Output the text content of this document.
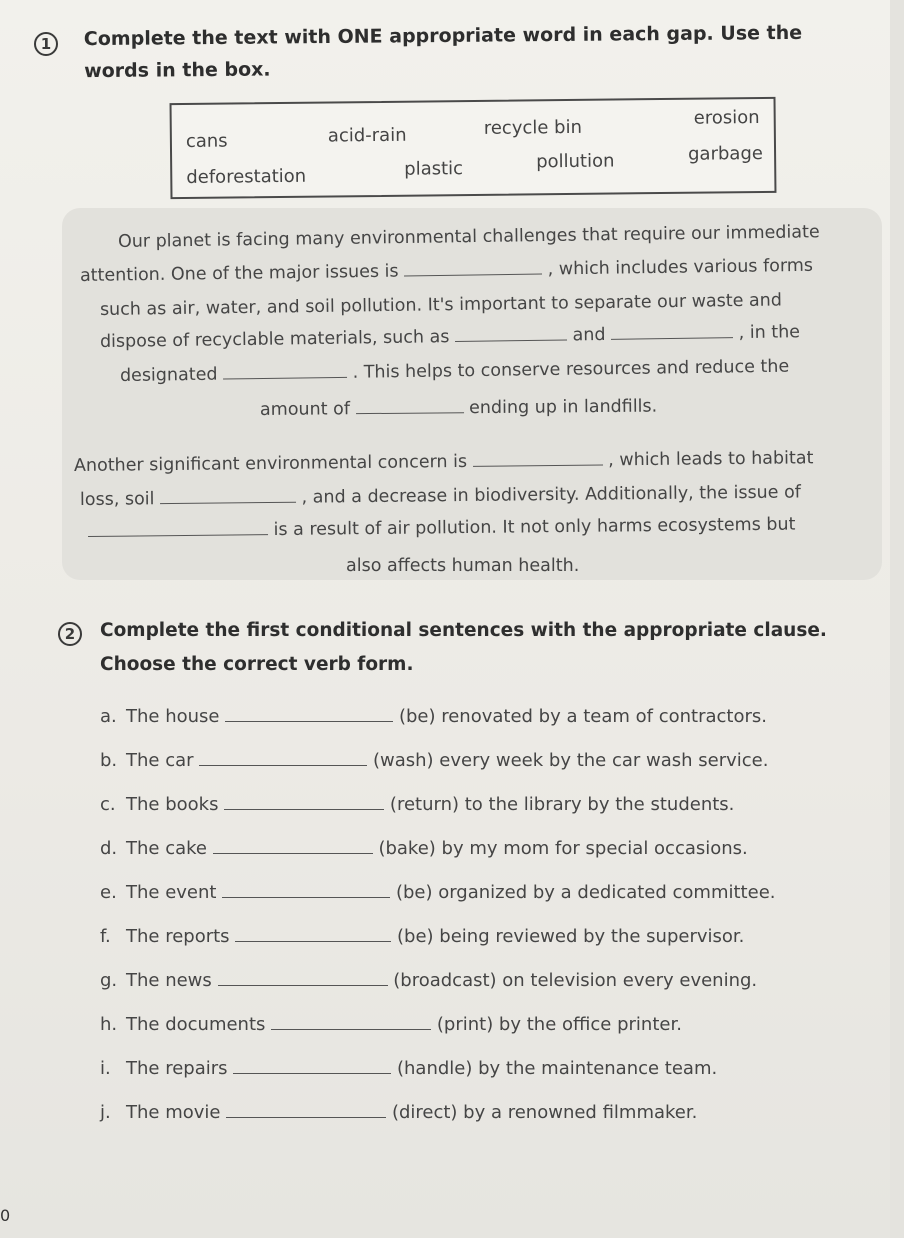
1	Complete the text with ONE appropriate word in each gap. Use the
words in the box.
cans	acid-rain	recycle bin	erosion
deforestation	plastic	pollution	garbage
Our planet is facing many environmental challenges that require our immediate
attention. One of the major issues is	, which includes various forms
such as air, water, and soil pollution. It's important to separate our waste and
dispose of recyclable materials, such as	and	, in the
designated	. This helps to conserve resources and reduce the
amount of	ending up in landfills.
Another significant environmental concern is	, which leads to habitat
loss, soil	, and a decrease in biodiversity. Additionally, the issue of
is a result of air pollution. It not only harms ecosystems but
also affects human health.
2	Complete the first conditional sentences with the appropriate clause.
Choose the correct verb form.
a. The house	(be) renovated by a team of contractors.
b. The car	(wash) every week by the car wash service.
c. The books	(return) to the library by the students.
d. The cake	(bake) by my mom for special occasions.
e. The event	(be) organized by a dedicated committee.
f. The reports	(be) being reviewed by the supervisor.
g. The news	(broadcast) on television every evening.
h. The documents	(print) by the office printer.
i. The repairs	(handle) by the maintenance team.
j. The movie	(direct) by a renowned filmmaker.
0
